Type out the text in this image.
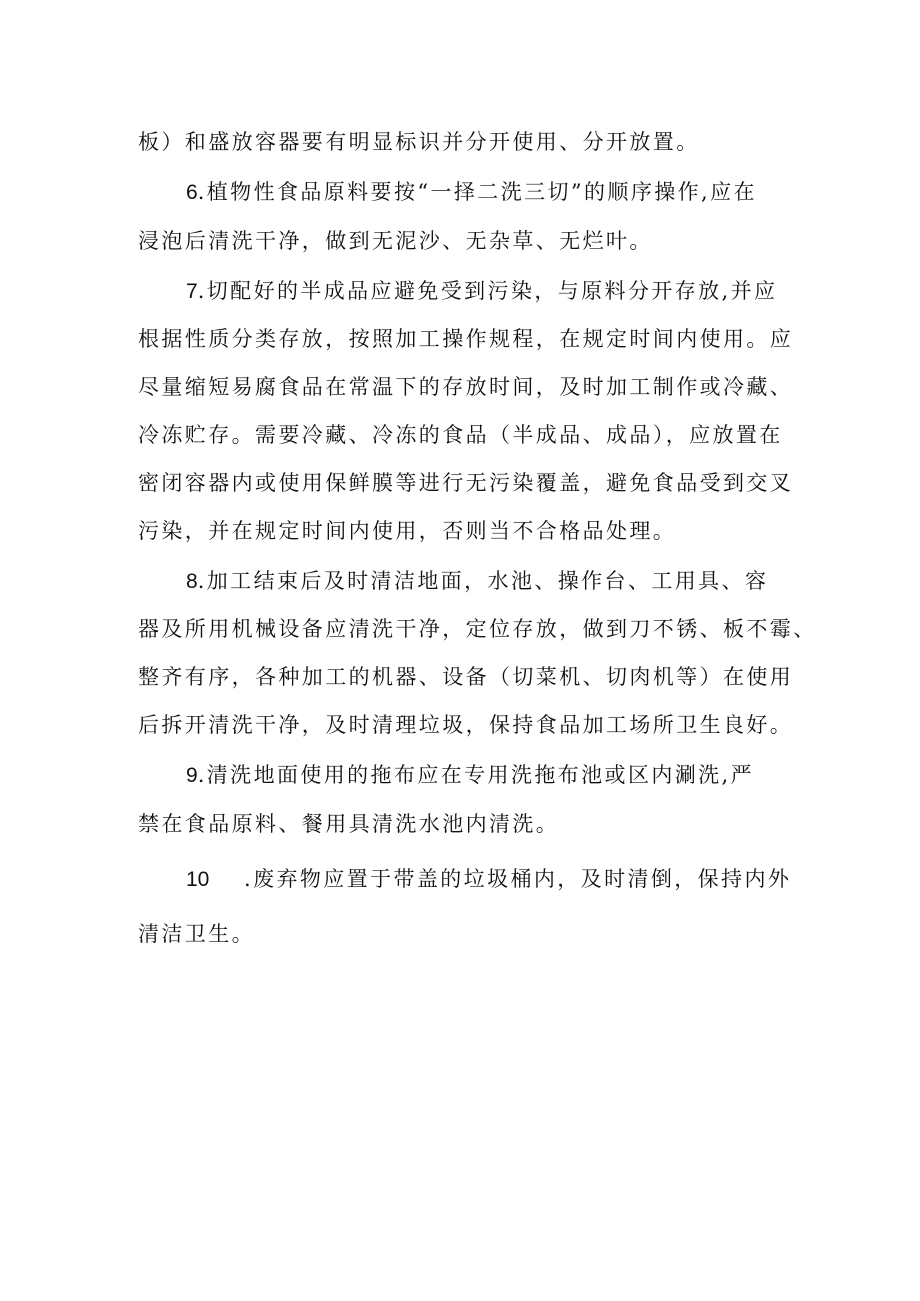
板）和盛放容器要有明显标识并分开使用、分开放置。
6.植物性食品原料要按“一择二洗三切”的顺序操作,应在
浸泡后清洗干净，做到无泥沙、无杂草、无烂叶。
7.切配好的半成品应避免受到污染，与原料分开存放,并应
根据性质分类存放，按照加工操作规程，在规定时间内使用。应
尽量缩短易腐食品在常温下的存放时间，及时加工制作或冷藏、
冷冻贮存。需要冷藏、冷冻的食品（半成品、成品），应放置在
密闭容器内或使用保鲜膜等进行无污染覆盖，避免食品受到交叉
污染，并在规定时间内使用，否则当不合格品处理。
8.加工结束后及时清洁地面，水池、操作台、工用具、容
器及所用机械设备应清洗干净，定位存放，做到刀不锈、板不霉、
整齐有序，各种加工的机器、设备（切菜机、切肉机等）在使用
后拆开清洗干净，及时清理垃圾，保持食品加工场所卫生良好。
9.清洗地面使用的拖布应在专用洗拖布池或区内涮洗,严
禁在食品原料、餐用具清洗水池内清洗。
10 .废弃物应置于带盖的垃圾桶内，及时清倒，保持内外
清洁卫生。
